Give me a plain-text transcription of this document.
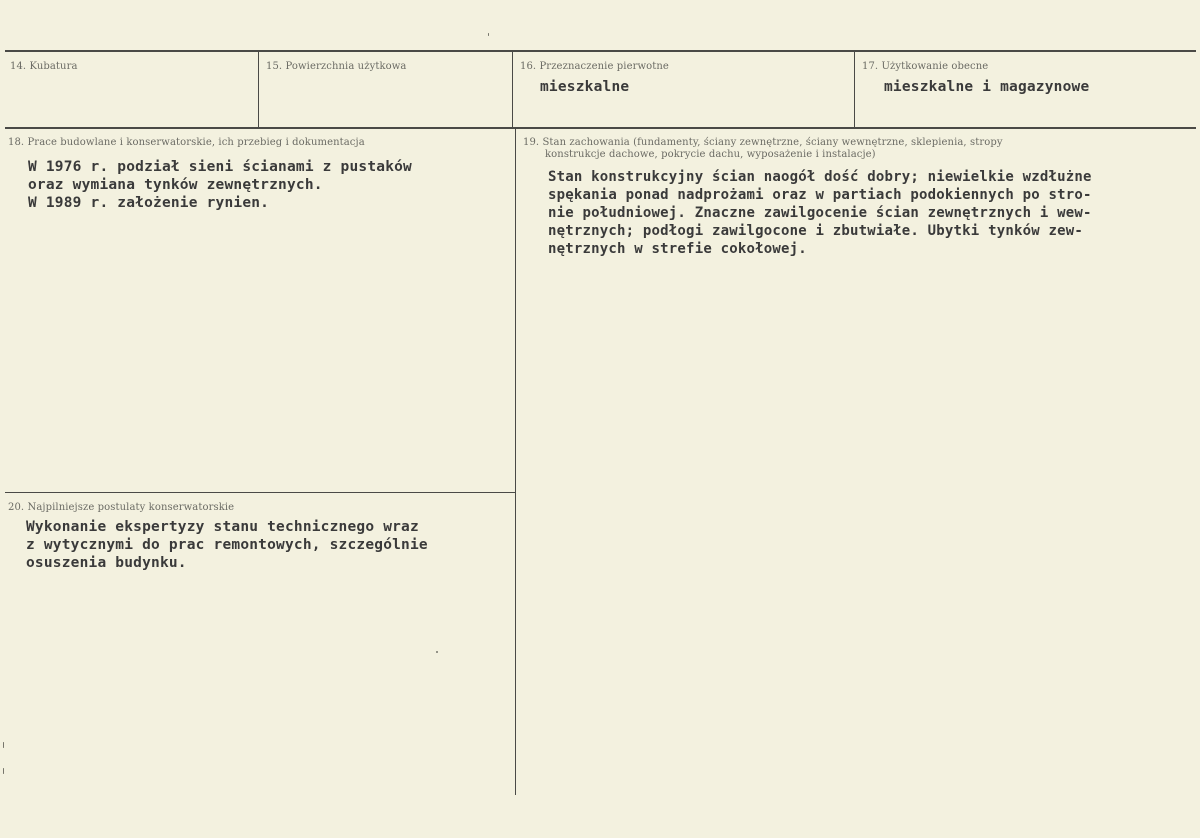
14. Kubatura	15. Powierzchnia użytkowa	16. Przeznaczenie pierwotne
mieszkalne
17. Użytkowanie obecne
mieszkalne i magazynowe
18. Prace budowlane i konserwatorskie, ich przebieg i dokumentacja
W 1976 r. podział sieni ścianami z pustaków
oraz wymiana tynków zewnętrznych.
W 1989 r. założenie rynien.
19. Stan zachowania (fundamenty, ściany zewnętrzne, ściany wewnętrzne, sklepienia, stropy
konstrukcje dachowe, pokrycie dachu, wyposażenie i instalacje)
Stan konstrukcyjny ścian naogół dość dobry; niewielkie wzdłużne
spękania ponad nadprożami oraz w partiach podokiennych po stro-
nie południowej. Znaczne zawilgocenie ścian zewnętrznych i wew-
nętrznych; podłogi zawilgocone i zbutwiałe. Ubytki tynków zew-
nętrznych w strefie cokołowej.
20. Najpilniejsze postulaty konserwatorskie
Wykonanie ekspertyzy stanu technicznego wraz
z wytycznymi do prac remontowych, szczególnie
osuszenia budynku.
